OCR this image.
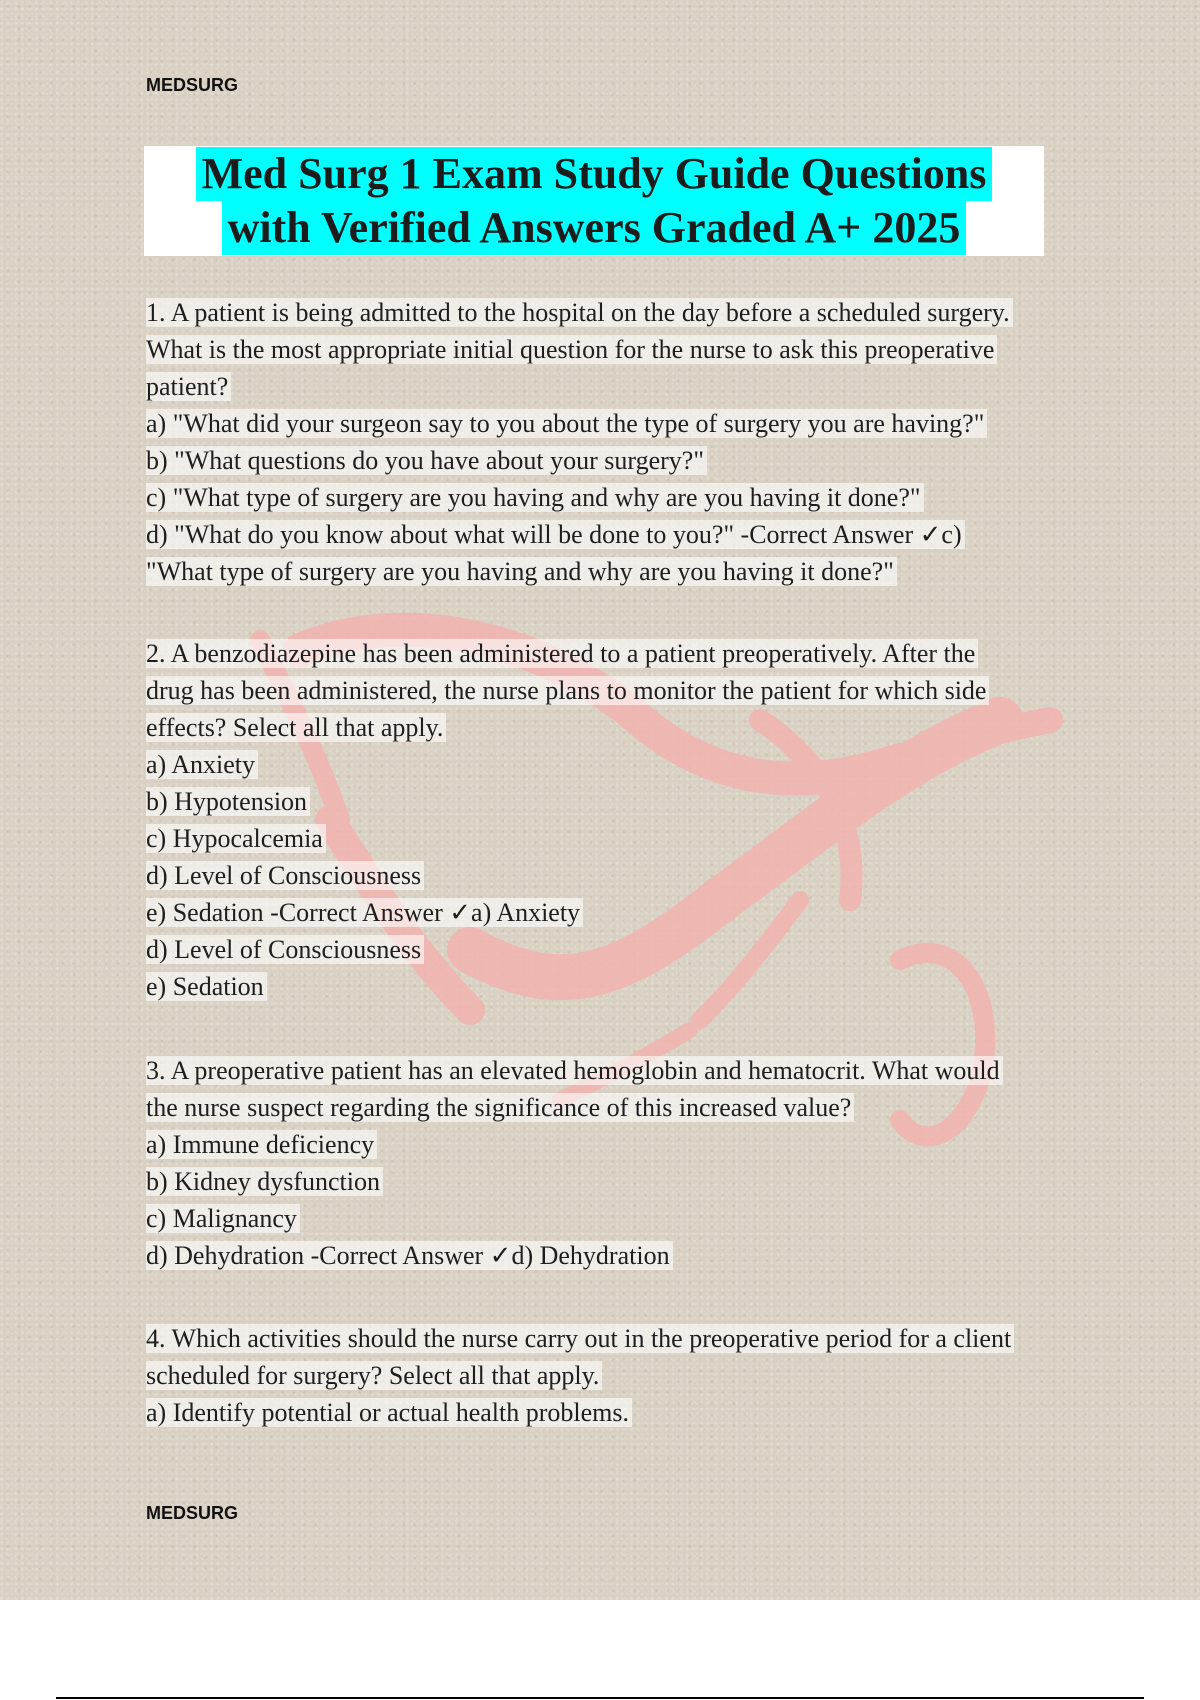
MEDSURG
Med Surg 1 Exam Study Guide Questions
with Verified Answers Graded A+ 2025
1. A patient is being admitted to the hospital on the day before a scheduled surgery.
What is the most appropriate initial question for the nurse to ask this preoperative
patient?
a) "What did your surgeon say to you about the type of surgery you are having?"
b) "What questions do you have about your surgery?"
c) "What type of surgery are you having and why are you having it done?"
d) "What do you know about what will be done to you?" -Correct Answer ✓c)
"What type of surgery are you having and why are you having it done?"
2. A benzodiazepine has been administered to a patient preoperatively. After the
drug has been administered, the nurse plans to monitor the patient for which side
effects? Select all that apply.
a) Anxiety
b) Hypotension
c) Hypocalcemia
d) Level of Consciousness
e) Sedation -Correct Answer ✓a) Anxiety
d) Level of Consciousness
e) Sedation
3. A preoperative patient has an elevated hemoglobin and hematocrit. What would
the nurse suspect regarding the significance of this increased value?
a) Immune deficiency
b) Kidney dysfunction
c) Malignancy
d) Dehydration -Correct Answer ✓d) Dehydration
4. Which activities should the nurse carry out in the preoperative period for a client
scheduled for surgery? Select all that apply.
a) Identify potential or actual health problems.
MEDSURG
